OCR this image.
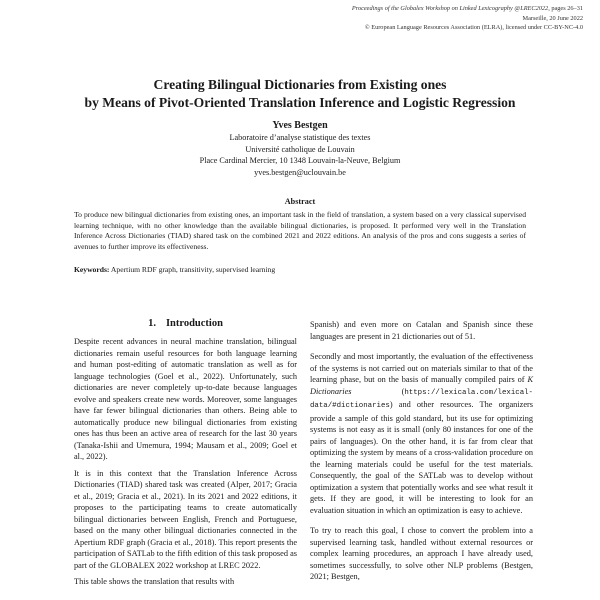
Proceedings of the Globalex Workshop on Linked Lexicography @LREC2022, pages 26–31
Marseille, 20 June 2022
© European Language Resources Association (ELRA), licensed under CC-BY-NC-4.0
Creating Bilingual Dictionaries from Existing ones
by Means of Pivot-Oriented Translation Inference and Logistic Regression
Yves Bestgen
Laboratoire d’analyse statistique des textes
Université catholique de Louvain
Place Cardinal Mercier, 10 1348 Louvain-la-Neuve, Belgium
yves.bestgen@uclouvain.be
Abstract

To produce new bilingual dictionaries from existing ones, an important task in the field of translation, a system based on a very classical supervised learning technique, with no other knowledge than the available bilingual dictionaries, is proposed. It performed very well in the Translation Inference Across Dictionaries (TIAD) shared task on the combined 2021 and 2022 editions. An analysis of the pros and cons suggests a series of avenues to further improve its effectiveness.

Keywords: Apertium RDF graph, transitivity, supervised learning
1. Introduction

Despite recent advances in neural machine translation, bilingual dictionaries remain useful resources for both language learning and human post-editing of automatic translation as well as for language technologies (Goel et al., 2022). Unfortunately, such dictionaries are never completely up-to-date because languages evolve and speakers create new words. Moreover, some languages have far fewer bilingual dictionaries than others. Being able to automatically produce new bilingual dictionaries from existing ones has thus been an active area of research for the last 30 years (Tanaka-Ishii and Umemura, 1994; Mausam et al., 2009; Goel et al., 2022).

It is in this context that the Translation Inference Across Dictionaries (TIAD) shared task was created (Alper, 2017; Gracia et al., 2019; Gracia et al., 2021). In its 2021 and 2022 editions, it proposes to the participating teams to create automatically bilingual dictionaries between English, French and Portuguese, based on the many other bilingual dictionaries connected in the Apertium RDF graph (Gracia et al., 2018). This report presents the participation of SATLab to the fifth edition of this task proposed as part of the GLOBALEX 2022 workshop at LREC 2022.

This table shows the translation that results with

Spanish) and even more on Catalan and Spanish since these languages are present in 21 dictionaries out of 51.

Secondly and most importantly, the evaluation of the effectiveness of the systems is not carried out on materials similar to that of the learning phase, but on the basis of manually compiled pairs of K Dictionaries (https://lexicala.com/lexical-data/#dictionaries) and other resources. The organizers provide a sample of this gold standard, but its use for optimizing systems is not easy as it is small (only 80 instances for one of the pairs of languages). On the other hand, it is far from clear that optimizing the system by means of a cross-validation procedure on the learning materials could be useful for the test materials. Consequently, the goal of the SATLab was to develop without optimization a system that potentially works and see what result it gets. If they are good, it will be interesting to look for an evaluation situation in which an optimization is easy to achieve.

To try to reach this goal, I chose to convert the problem into a supervised learning task, handled without external resources or complex learning procedures, an approach I have already used, sometimes successfully, to solve other NLP problems (Bestgen, 2021; Bestgen,
